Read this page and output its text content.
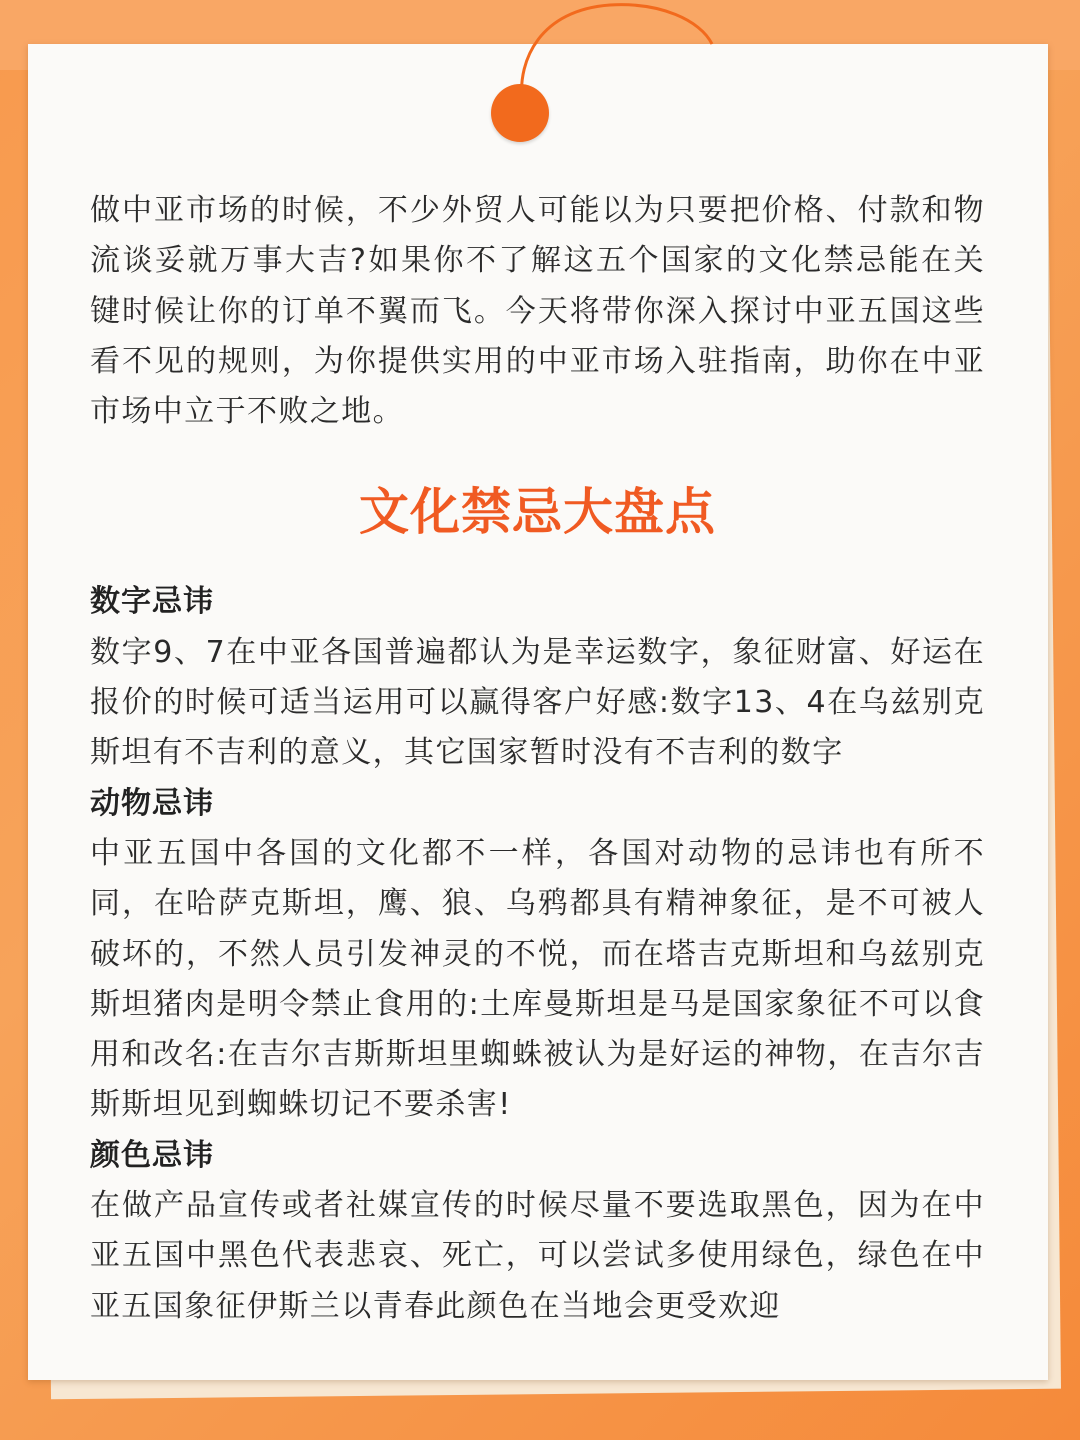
做中亚市场的时候，不少外贸人可能以为只要把价格、付款和物流谈妥就万事大吉?如果你不了解这五个国家的文化禁忌能在关键时候让你的订单不翼而飞。今天将带你深入探讨中亚五国这些看不见的规则，为你提供实用的中亚市场入驻指南，助你在中亚市场中立于不败之地。

文化禁忌大盘点
数字忌讳

数字9、7在中亚各国普遍都认为是幸运数字，象征财富、好运在报价的时候可适当运用可以赢得客户好感:数字13、4在乌兹别克斯坦有不吉利的意义，其它国家暂时没有不吉利的数字

动物忌讳

中亚五国中各国的文化都不一样，各国对动物的忌讳也有所不同，在哈萨克斯坦，鹰、狼、乌鸦都具有精神象征，是不可被人破坏的，不然人员引发神灵的不悦，而在塔吉克斯坦和乌兹别克斯坦猪肉是明令禁止食用的:土库曼斯坦是马是国家象征不可以食用和改名:在吉尔吉斯斯坦里蜘蛛被认为是好运的神物，在吉尔吉斯斯坦见到蜘蛛切记不要杀害!

颜色忌讳

在做产品宣传或者社媒宣传的时候尽量不要选取黑色，因为在中亚五国中黑色代表悲哀、死亡，可以尝试多使用绿色，绿色在中亚五国象征伊斯兰以青春此颜色在当地会更受欢迎
